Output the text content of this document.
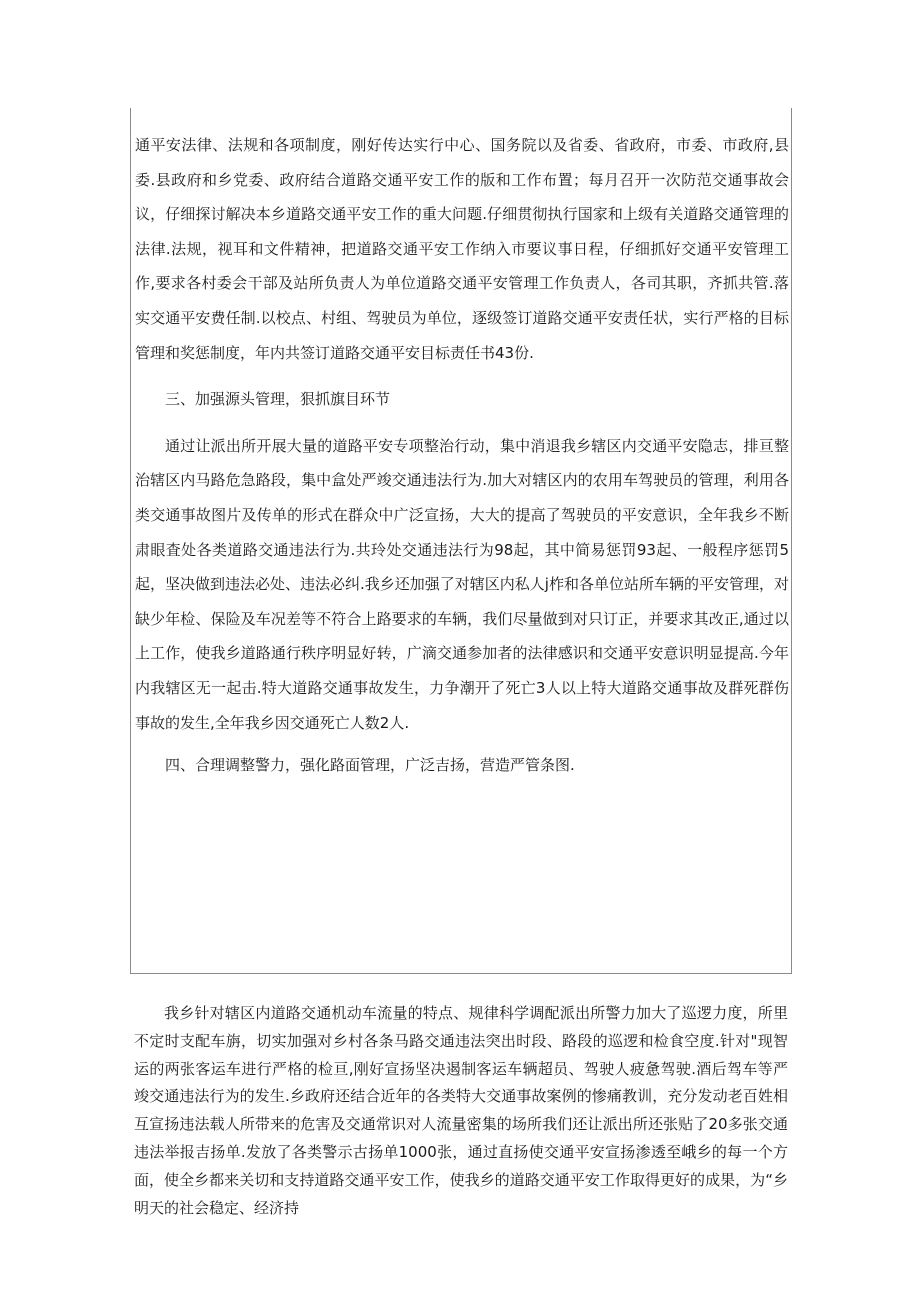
通平安法律、法规和各项制度，刚好传达实行中心、国务院以及省委、省政府，市委、市政府,县委.县政府和乡党委、政府结合道路交通平安工作的版和工作布置；每月召开一次防范交通事故会议，仔细探讨解决本乡道路交通平安工作的重大问题.仔细贯彻执行国家和上级有关道路交通管理的法律.法规，视耳和文件精神，把道路交通平安工作纳入市要议事日程，仔细抓好交通平安管理工作,要求各村委会干部及站所负责人为单位道路交通平安管理工作负责人，各司其职，齐抓共管.落实交通平安费任制.以校点、村组、驾驶员为单位，逐级签订道路交通平安责任状，实行严格的目标管理和奖惩制度，年内共签订道路交通平安目标责任书43份.

三、加强源头管理，狠抓旗目环节

通过让派出所开展大量的道路平安专项整治行动，集中消退我乡辖区内交通平安隐志，排亘整治辖区内马路危急路段，集中盒处严竣交通违法行为.加大对辖区内的农用车驾驶员的管理，利用各类交通事故图片及传单的形式在群众中广泛宣扬，大大的提高了驾驶员的平安意识，全年我乡不断肃眼査处各类道路交通违法行为.共玲处交通违法行为98起，其中简易惩罚93起、一般程序惩罚5起，坚决做到违法必处、违法必纠.我乡还加强了对辖区内私人j柞和各单位站所车辆的平安管理，对缺少年检、保险及车况差等不符合上路要求的车辆，我们尽量做到对只订正，并要求其改正,通过以上工作，使我乡道路通行秩序明显好转，广滴交通参加者的法律感识和交通平安意识明显提高.今年内我辖区无一起击.特大道路交通事故发生，力争潮开了死亡3人以上特大道路交通事故及群死群伤事故的发生,全年我乡因交通死亡人数2人.

四、合理调整警力，强化路面管理，广泛吉扬，营造严管条图.

我乡针对辖区内道路交通机动车流量的特点、规律科学调配派出所警力加大了巡逻力度，所里不定时支配车旃，切实加强对乡村各条马路交通违法突出时段、路段的巡逻和检食空度.针对"现智运的两张客运车进行严格的检亘,刚好宣扬坚决遏制客运车辆超员、驾驶人疲惫驾驶.酒后驾车等严竣交通违法行为的发生.乡政府还结合近年的各类特大交通事故案例的惨痛教训，充分发动老百姓相互宣扬违法载人所带来的危害及交通常识对人流量密集的场所我们还让派出所还张贴了20多张交通违法举报吉扬单.发放了各类警示古扬单1000张，通过直扬使交通平安宣扬渗透至峨乡的每一个方面，使全乡都来关切和支持道路交通平安工作，使我乡的道路交通平安工作取得更好的成果，为“乡明天的社会稳定、经济持
